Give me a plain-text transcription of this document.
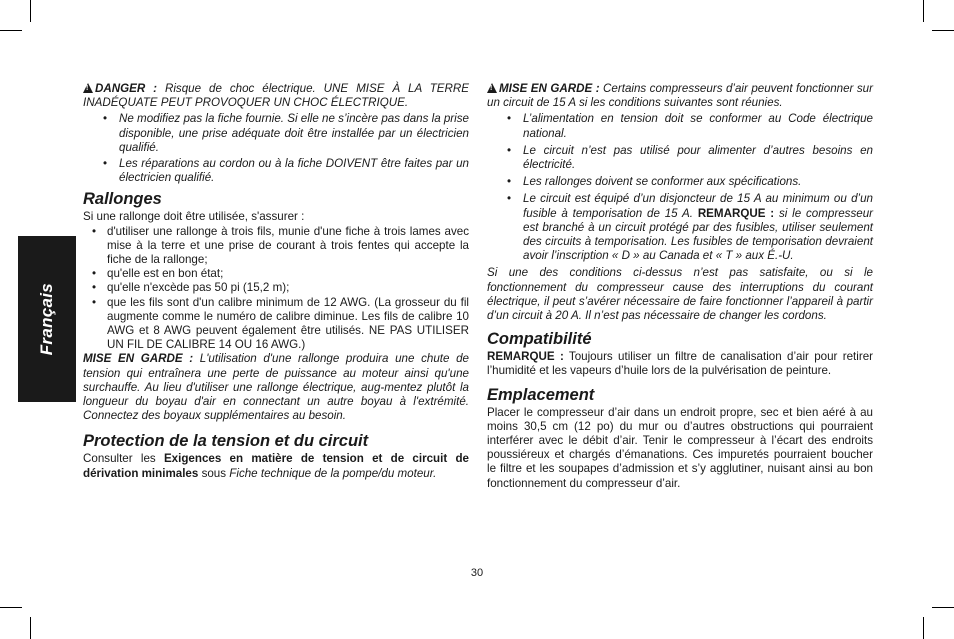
Français

!DANGER : Risque de choc électrique. UNE MISE À LA TERRE INADÉQUATE PEUT PROVOQUER UN CHOC ÉLECTRIQUE.

• Ne modifiez pas la fiche fournie. Si elle ne s’incère pas dans la prise disponible, une prise adéquate doit être installée par un électricien qualifié.
• Les réparations au cordon ou à la fiche DOIVENT être faites par un électricien qualifié.
Rallonges

Si une rallonge doit être utilisée, s'assurer :

• d'utiliser une rallonge à trois fils, munie d'une fiche à trois lames avec mise à la terre et une prise de courant à trois fentes qui accepte la fiche de la rallonge;
• qu'elle est en bon état;
• qu'elle n'excède pas 50 pi (15,2 m);
• que les fils sont d'un calibre minimum de 12 AWG. (La grosseur du fil augmente comme le numéro de calibre diminue. Les fils de calibre 10 AWG et 8 AWG peuvent également être utilisés. NE PAS UTILISER UN FIL DE CALIBRE 14 OU 16 AWG.)

MISE EN GARDE : L'utilisation d'une rallonge produira une chute de tension qui entraînera une perte de puissance au moteur ainsi qu'une surchauffe. Au lieu d'utiliser une rallonge électrique, aug-mentez plutôt la longueur du boyau d'air en connectant un autre boyau à l'extrémité. Connectez des boyaux supplémentaires au besoin.

Protection de la tension et du circuit

Consulter les Exigences en matière de tension et de circuit de dérivation minimales sous Fiche technique de la pompe/du moteur.

!MISE EN GARDE : Certains compresseurs d’air peuvent fonctionner sur un circuit de 15 A si les conditions suivantes sont réunies.

• L’alimentation en tension doit se conformer au Code électrique national.
• Le circuit n’est pas utilisé pour alimenter d’autres besoins en électricité.
• Les rallonges doivent se conformer aux spécifications.
• Le circuit est équipé d’un disjoncteur de 15 A au minimum ou d’un fusible à temporisation de 15 A. REMARQUE : si le compresseur est branché à un circuit protégé par des fusibles, utiliser seulement des circuits à temporisation. Les fusibles de temporisation devraient avoir l’inscription « D » au Canada et « T » aux É.-U.

Si une des conditions ci-dessus n’est pas satisfaite, ou si le fonctionnement du compresseur cause des interruptions du courant électrique, il peut s’avérer nécessaire de faire fonctionner l’appareil à partir d’un circuit à 20 A. Il n’est pas nécessaire de changer les cordons.

Compatibilité

REMARQUE : Toujours utiliser un filtre de canalisation d’air pour retirer l’humidité et les vapeurs d’huile lors de la pulvérisation de peinture.

Emplacement

Placer le compresseur d’air dans un endroit propre, sec et bien aéré à au moins 30,5 cm (12 po) du mur ou d’autres obstructions qui pourraient interférer avec le débit d’air. Tenir le compresseur à l’écart des endroits poussiéreux et chargés d’émanations. Ces impuretés pourraient boucher le filtre et les soupapes d’admission et s’y agglutiner, nuisant ainsi au bon fonctionnement du compresseur d’air.

30
